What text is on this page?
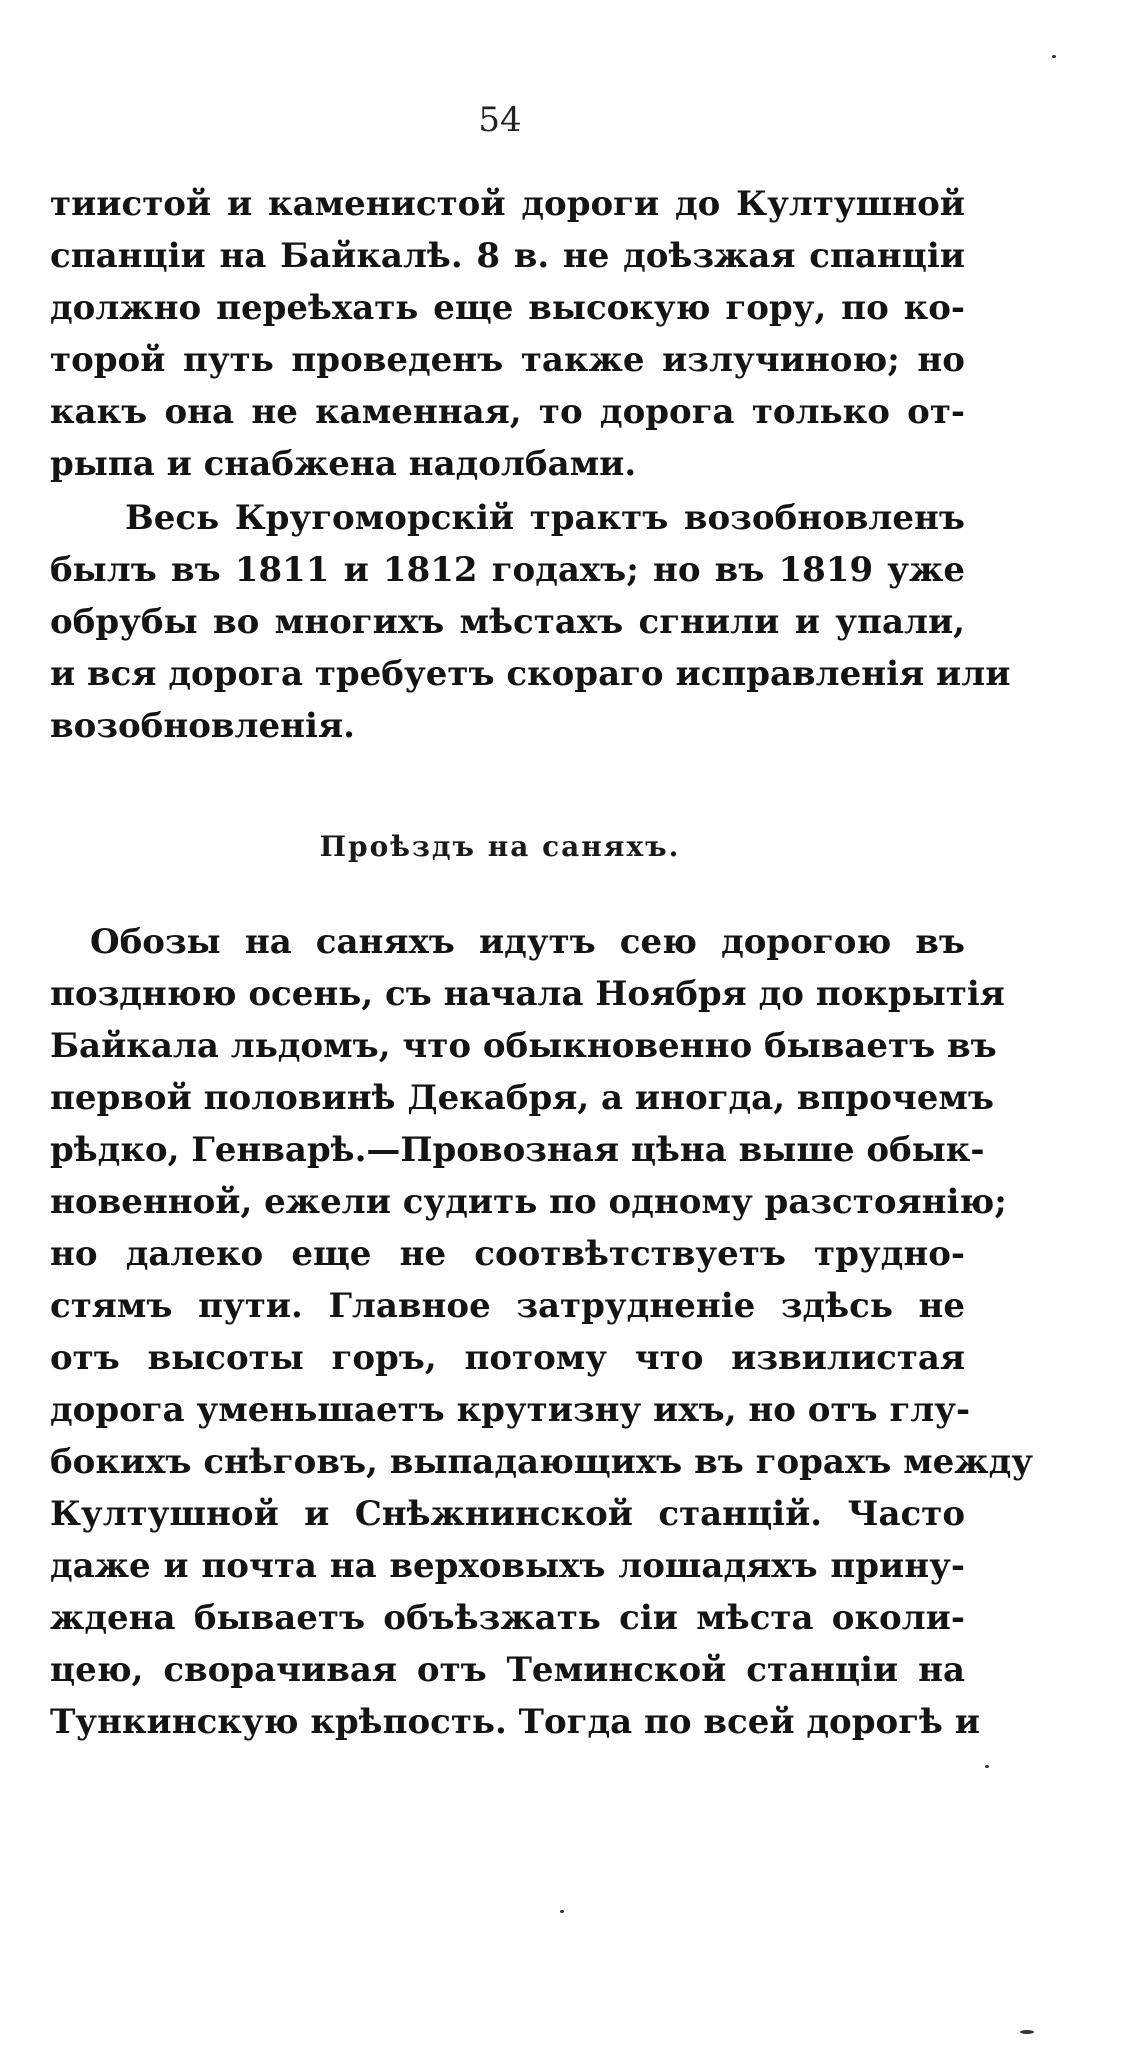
54
тиистой и каменистой дороги до Култушной
спанціи на Байкалѣ. 8 в. не доѣзжая спанціи
должно переѣхать еще высокую гору, по ко-
торой путь проведенъ также излучиною; но
какъ она не каменная, то дорога только от-
рыпа и снабжена надолбами.
Весь Кругоморскій трактъ возобновленъ
былъ въ 1811 и 1812 годахъ; но въ 1819 уже
обрубы во многихъ мѣстахъ сгнили и упали,
и вся дорога требуетъ скораго исправленія или
возобновленія.
Проѣздъ на саняхъ.
Обозы на саняхъ идутъ сею дорогою въ
позднюю осень, съ начала Ноября до покрытія
Байкала льдомъ, что обыкновенно бываетъ въ
первой половинѣ Декабря, а иногда, впрочемъ
рѣдко, Генварѣ.—Провозная цѣна выше обык-
новенной, ежели судить по одному разстоянію;
но далеко еще не соотвѣтствуетъ трудно-
стямъ пути. Главное затрудненіе здѣсь не
отъ высоты горъ, потому что извилистая
дорога уменьшаетъ крутизну ихъ, но отъ глу-
бокихъ снѣговъ, выпадающихъ въ горахъ между
Култушной и Снѣжнинской станцій. Часто
даже и почта на верховыхъ лошадяхъ прину-
ждена бываетъ объѣзжать сіи мѣста околи-
цею, сворачивая отъ Теминской станціи на
Тункинскую крѣпость. Тогда по всей дорогѣ и
